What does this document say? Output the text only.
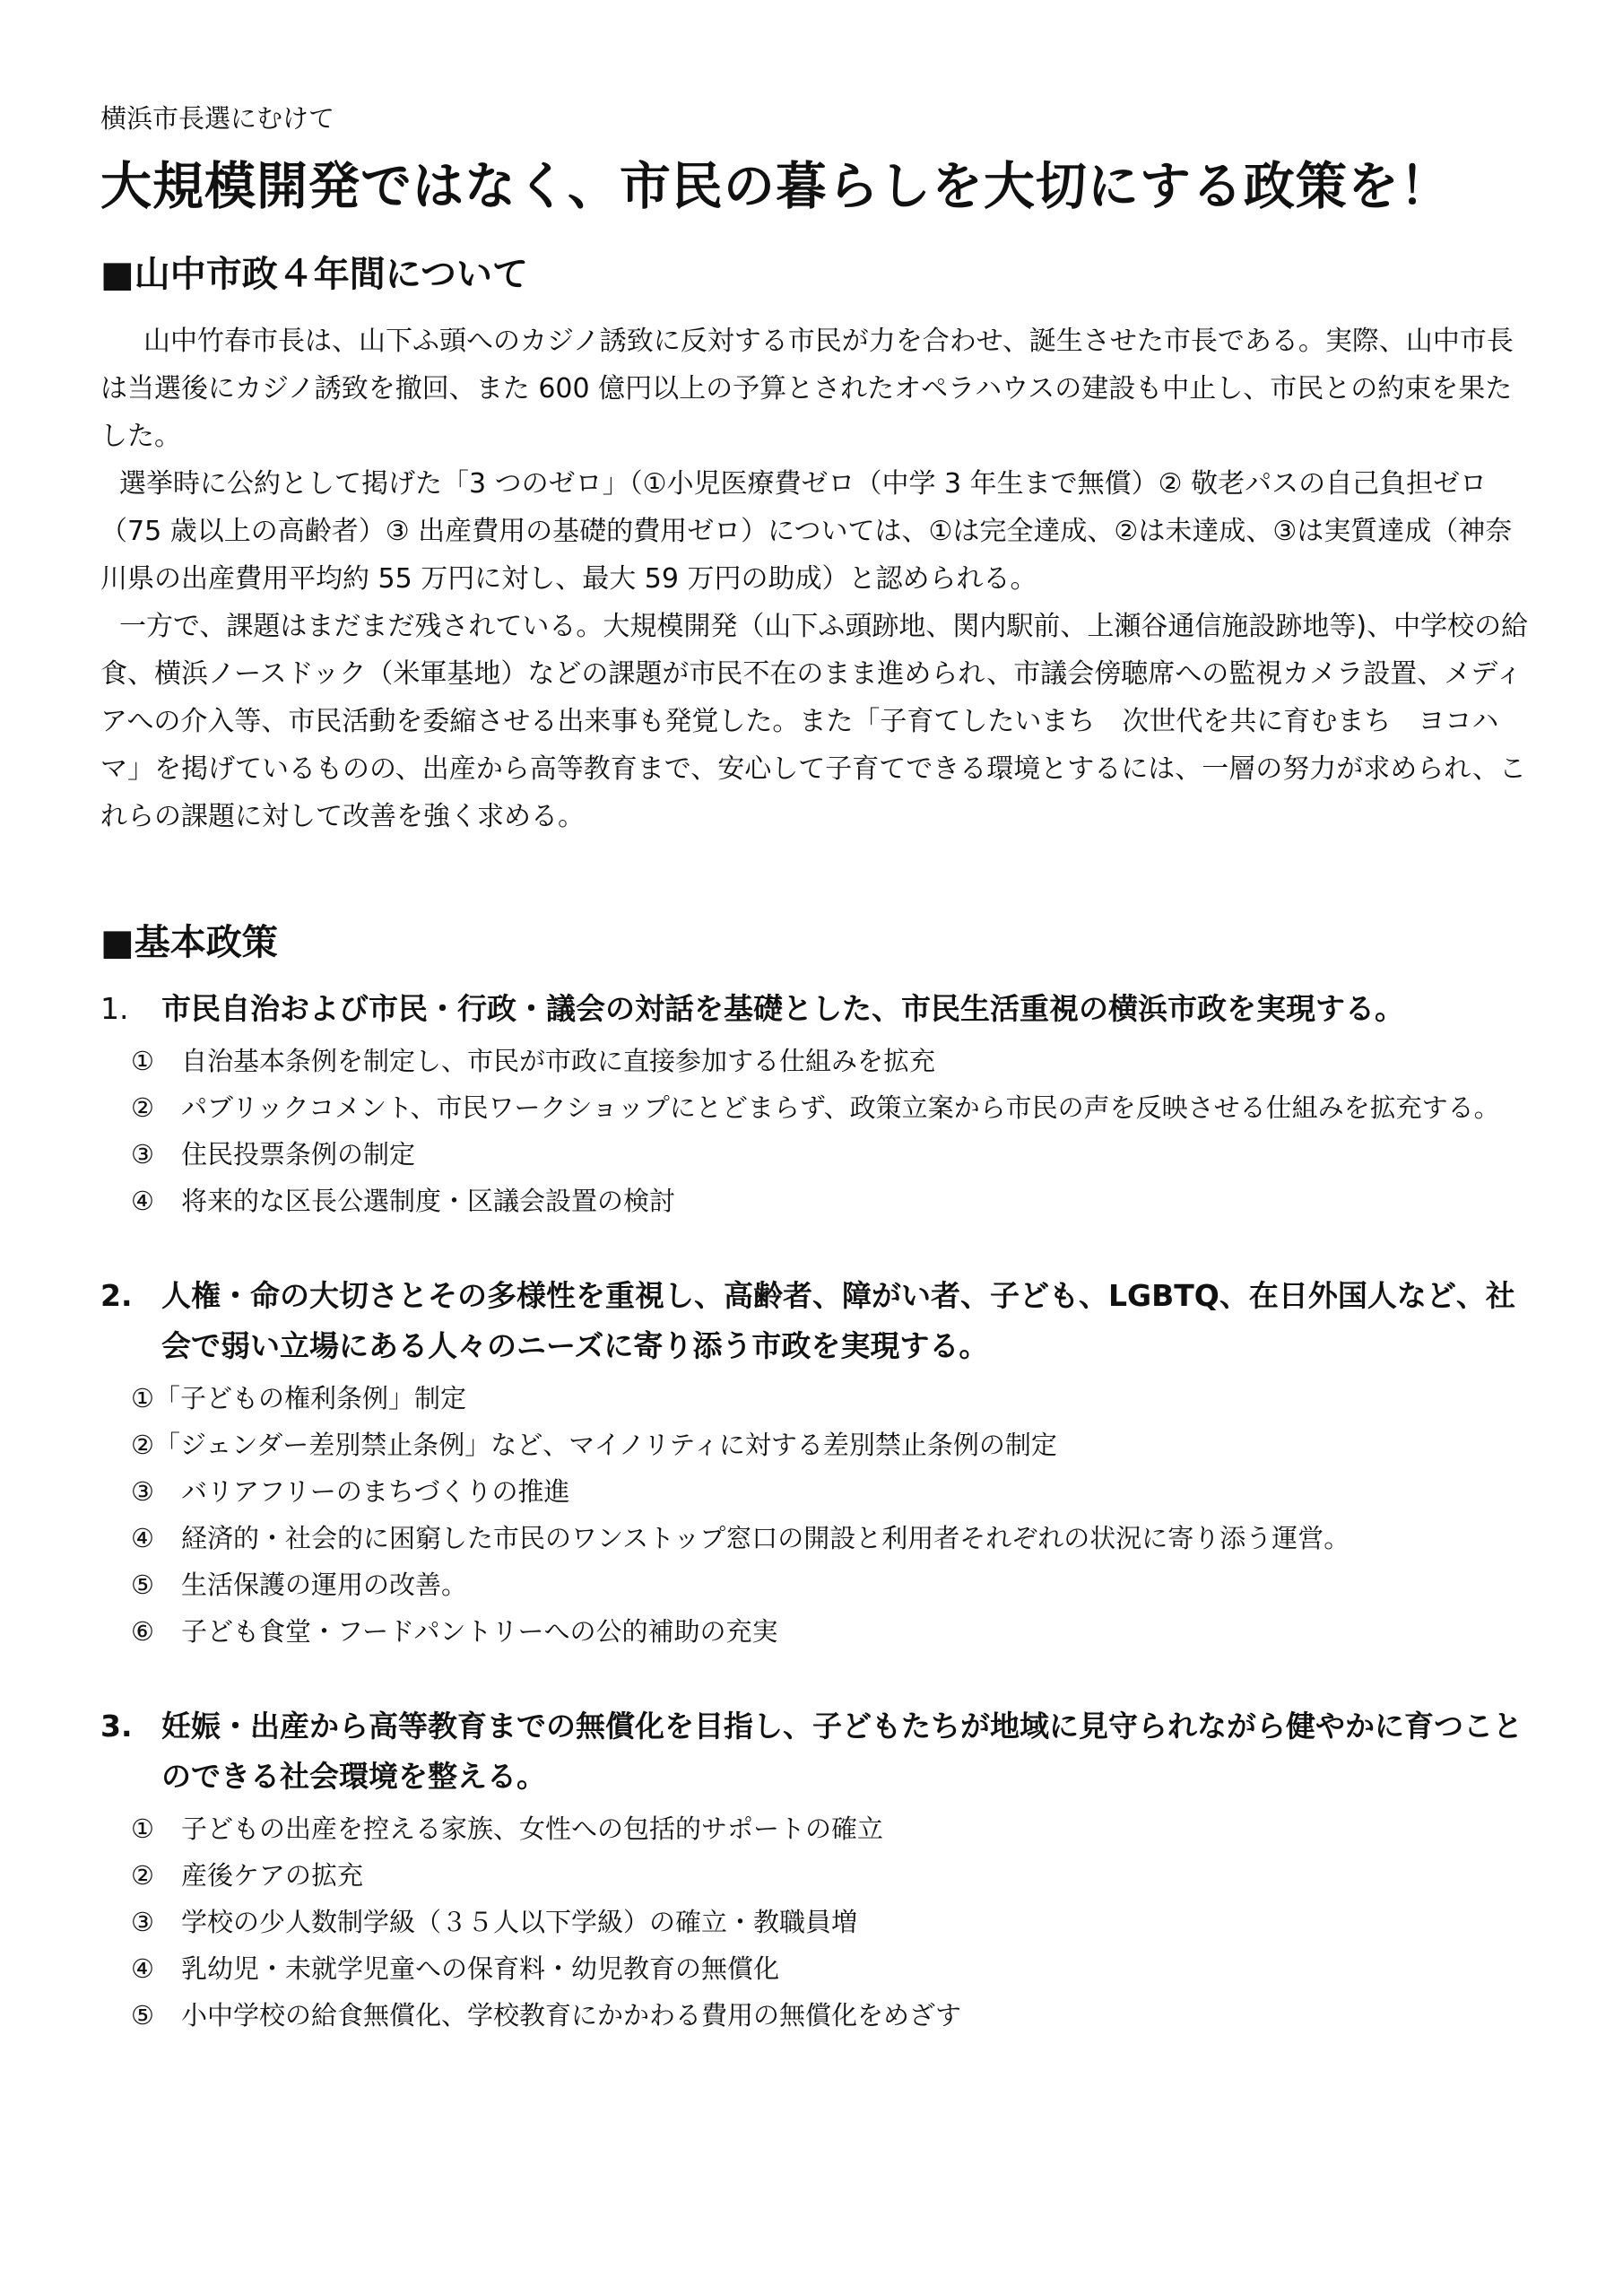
横浜市長選にむけて
大規模開発ではなく、市民の暮らしを大切にする政策を！
■山中市政４年間について

山中竹春市長は、山下ふ頭へのカジノ誘致に反対する市民が力を合わせ、誕生させた市長である。実際、山中市長は当選後にカジノ誘致を撤回、また 600 億円以上の予算とされたオペラハウスの建設も中止し、市民との約束を果たした。

選挙時に公約として掲げた「3 つのゼロ」（①小児医療費ゼロ（中学 3 年生まで無償）② 敬老パスの自己負担ゼロ（75 歳以上の高齢者）③ 出産費用の基礎的費用ゼロ）については、①は完全達成、②は未達成、③は実質達成（神奈川県の出産費用平均約 55 万円に対し、最大 59 万円の助成）と認められる。

一方で、課題はまだまだ残されている。大規模開発（山下ふ頭跡地、関内駅前、上瀬谷通信施設跡地等)、中学校の給食、横浜ノースドック（米軍基地）などの課題が市民不在のまま進められ、市議会傍聴席への監視カメラ設置、メディアへの介入等、市民活動を委縮させる出来事も発覚した。また「子育てしたいまち　次世代を共に育むまち　ヨコハマ」を掲げているものの、出産から高等教育まで、安心して子育てできる環境とするには、一層の努力が求められ、これらの課題に対して改善を強く求める。

■基本政策
1.	市民自治および市民・行政・議会の対話を基礎とした、市民生活重視の横浜市政を実現する。
①	自治基本条例を制定し、市民が市政に直接参加する仕組みを拡充
②	パブリックコメント、市民ワークショップにとどまらず、政策立案から市民の声を反映させる仕組みを拡充する。
③	住民投票条例の制定
④	将来的な区長公選制度・区議会設置の検討
2. 人権・命の大切さとその多様性を重視し、高齢者、障がい者、子ども、LGBTQ、在日外国人など、社会で弱い立場にある人々のニーズに寄り添う市政を実現する。
① 「子どもの権利条例」制定
② 「ジェンダー差別禁止条例」など、マイノリティに対する差別禁止条例の制定
③	バリアフリーのまちづくりの推進
④	経済的・社会的に困窮した市民のワンストップ窓口の開設と利用者それぞれの状況に寄り添う運営。
⑤	生活保護の運用の改善。
⑥	子ども食堂・フードパントリーへの公的補助の充実
3. 妊娠・出産から高等教育までの無償化を目指し、子どもたちが地域に見守られながら健やかに育つことのできる社会環境を整える。
①	子どもの出産を控える家族、女性への包括的サポートの確立
②	産後ケアの拡充
③	学校の少人数制学級（３５人以下学級）の確立・教職員増
④	乳幼児・未就学児童への保育料・幼児教育の無償化
⑤	小中学校の給食無償化、学校教育にかかわる費用の無償化をめざす
